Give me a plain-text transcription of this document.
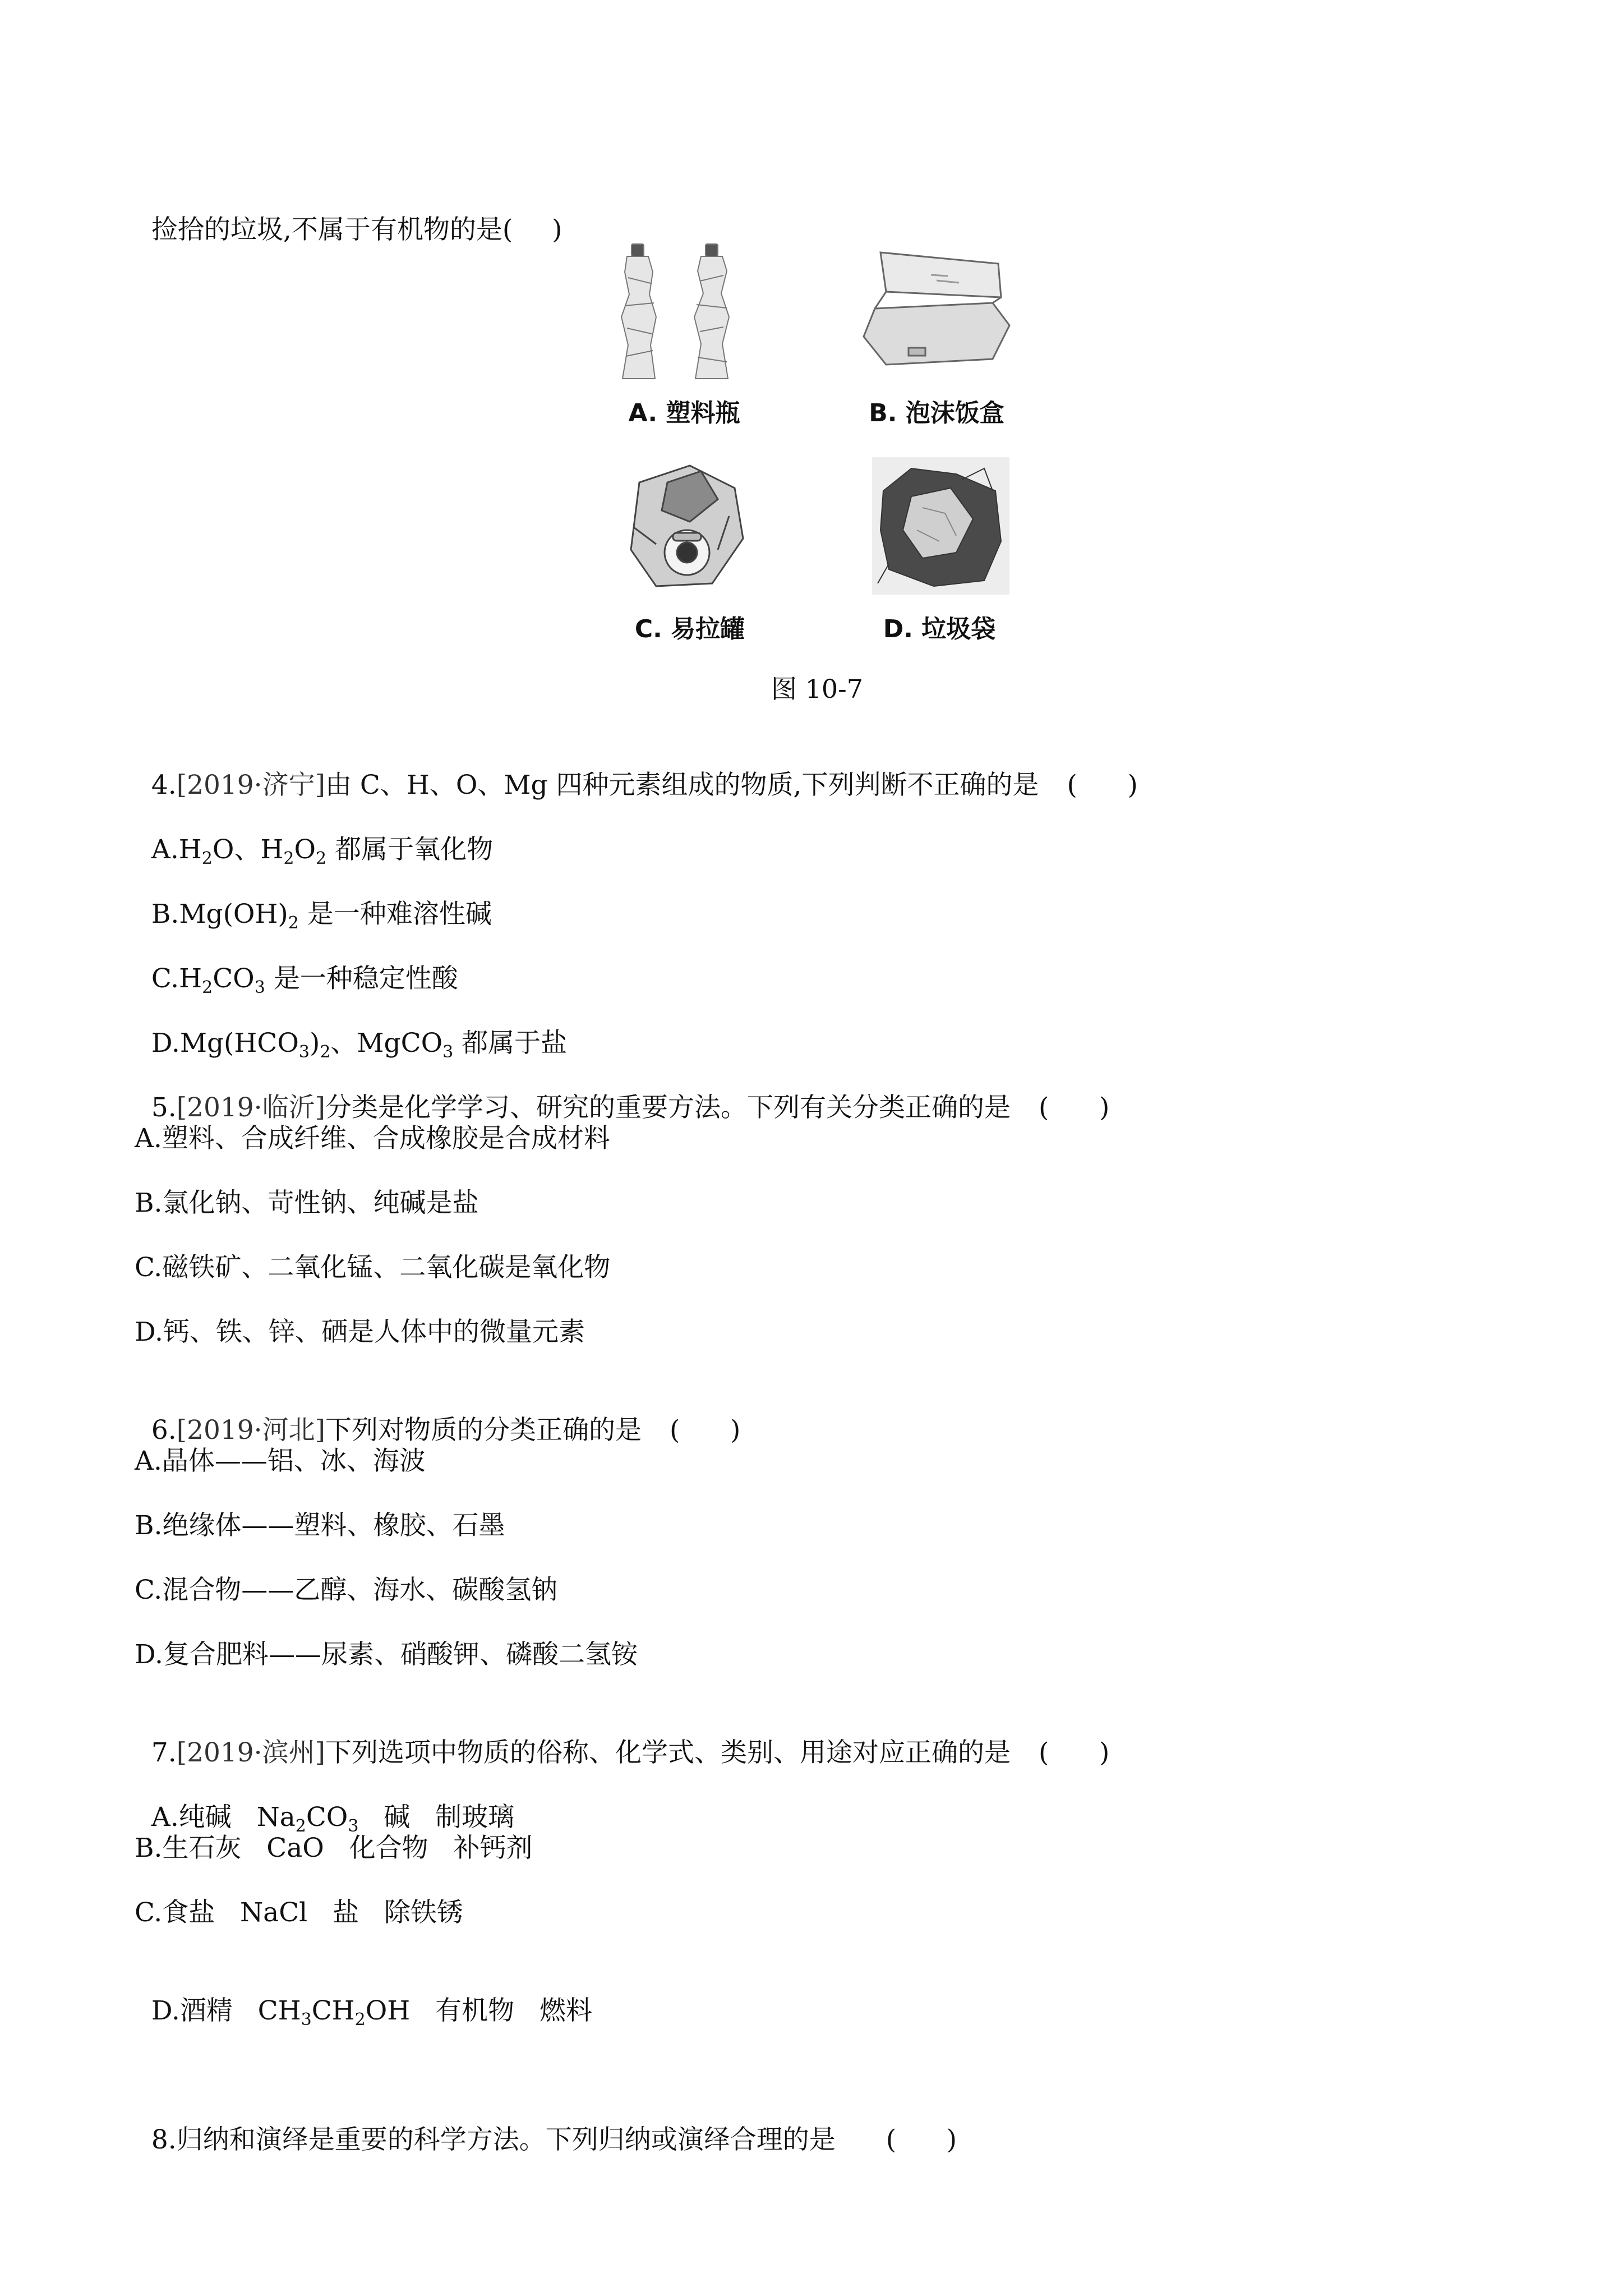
捡拾的垃圾,不属于有机物的是( )

A. 塑料瓶	B. 泡沫饭盒
C. 易拉罐	D. 垃圾袋
图 10-7

4.[2019·济宁]由 C、H、O、Mg 四种元素组成的物质,下列判断不正确的是 (      )

$A.H_2O$、$H_2O_2$ 都属于氧化物

$B.Mg(OH)_2$ 是一种难溶性碱

$C.H_2CO_3$ 是一种稳定性酸

$D.Mg(HCO_3)_2$、MgCO$_3$ 都属于盐

5.[2019·临沂]分类是化学学习、研究的重要方法。下列有关分类正确的是 (      )

A.塑料、合成纤维、合成橡胶是合成材料
B.氯化钠、苛性钠、纯碱是盐
C.磁铁矿、二氧化锰、二氧化碳是氧化物
D.钙、铁、锌、硒是人体中的微量元素

6.[2019·河北]下列对物质的分类正确的是 (      )

A.晶体——铝、冰、海波
B.绝缘体——塑料、橡胶、石墨
C.混合物——乙醇、海水、碳酸氢钠
D.复合肥料——尿素、硝酸钾、磷酸二氢铵

7.[2019·滨州]下列选项中物质的俗称、化学式、类别、用途对应正确的是 (      )

A.纯碱   $Na_2CO_3$   碱   制玻璃

B.生石灰   CaO   化合物   补钙剂
C.食盐   NaCl   盐   除铁锈

D.酒精   $CH_3CH_2OH$   有机物   燃料

8.归纳和演绎是重要的科学方法。下列归纳或演绎合理的是 (      )
